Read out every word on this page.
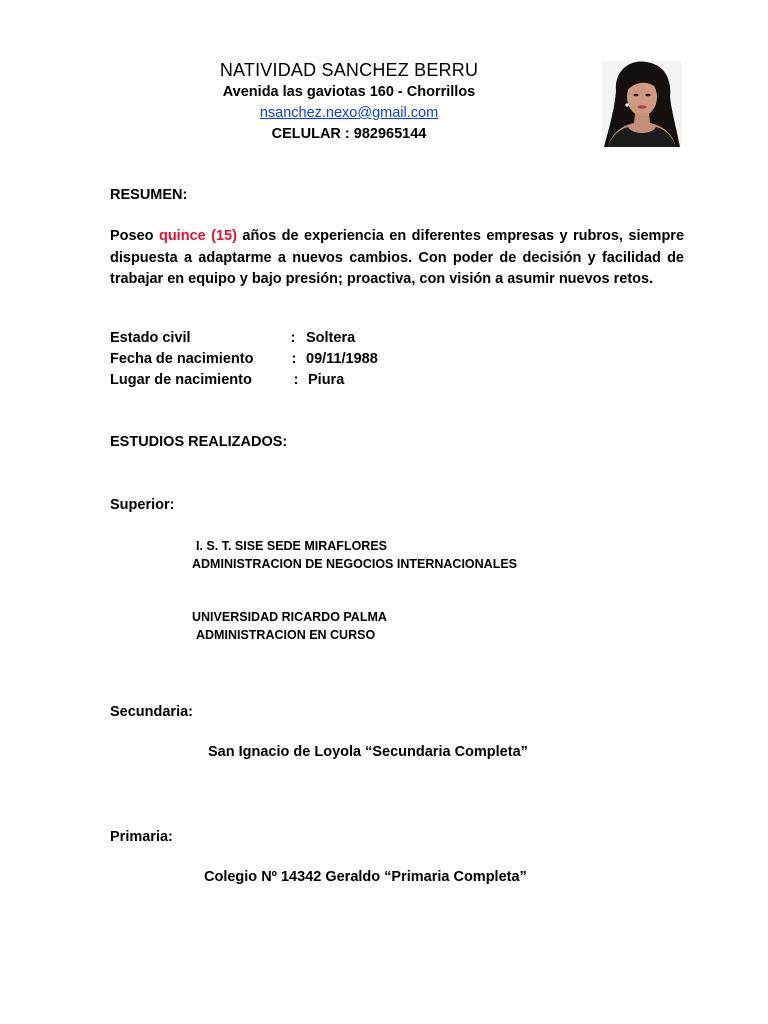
NATIVIDAD SANCHEZ BERRU
Avenida las gaviotas 160 - Chorrillos
nsanchez.nexo@gmail.com
CELULAR : 982965144
RESUMEN:
Poseo quince (15) años de experiencia en diferentes empresas y rubros, siempre dispuesta a adaptarme a nuevos cambios. Con poder de decisión y facilidad de trabajar en equipo y bajo presión; proactiva, con visión a asumir nuevos retos.
Estado civil	: Soltera
Fecha de nacimiento	: 09/11/1988
Lugar de nacimiento	: Piura
ESTUDIOS REALIZADOS:
Superior:
I. S. T. SISE SEDE MIRAFLORES
ADMINISTRACION DE NEGOCIOS INTERNACIONALES
UNIVERSIDAD RICARDO PALMA
ADMINISTRACION EN CURSO
Secundaria:
San Ignacio de Loyola “Secundaria Completa”
Primaria:
Colegio Nº 14342 Geraldo “Primaria Completa”
